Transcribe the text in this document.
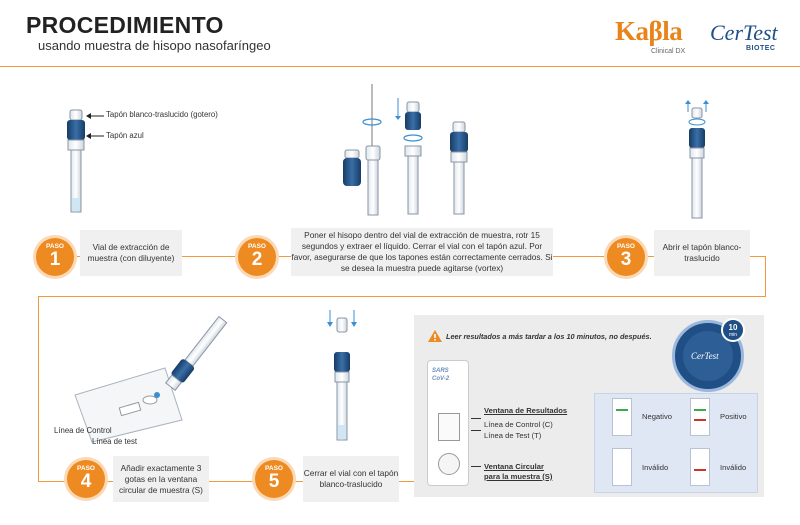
PROCEDIMIENTO
usando muestra de hisopo nasofaríngeo	Kaβla
Clinical DX
CerTest
BIOTEC
Tapón blanco-traslucido (gotero)
Tapón azul
PASO
1
Vial de extracción de muestra (con diluyente)
PASO
2
Poner el hisopo dentro del vial de extracción de muestra, rotr 15 segundos y extraer el líquido. Cerrar el vial con el tapón azul. Por favor, asegurarse de que los tapones están correctamente cerrados. Si se desea la muestra puede agitarse (vortex)
PASO
3
Abrir el tapón blanco-traslucido
Línea de Control
Línea de test
PASO
4
Añadir exactamente 3 gotas en la ventana circular de muestra (S)
PASO
5	Cerrar el vial con el tapón blanco-traslucido
Leer resultados a más tardar a los 10 minutos, no después.
CerTest
10
min
SARS CoV-2
Ventana de Resultados
Línea de Control (C)
Línea de Test (T)
Ventana Circular
para la muestra (S)
Negativo	Positivo
Inválido	Inválido
